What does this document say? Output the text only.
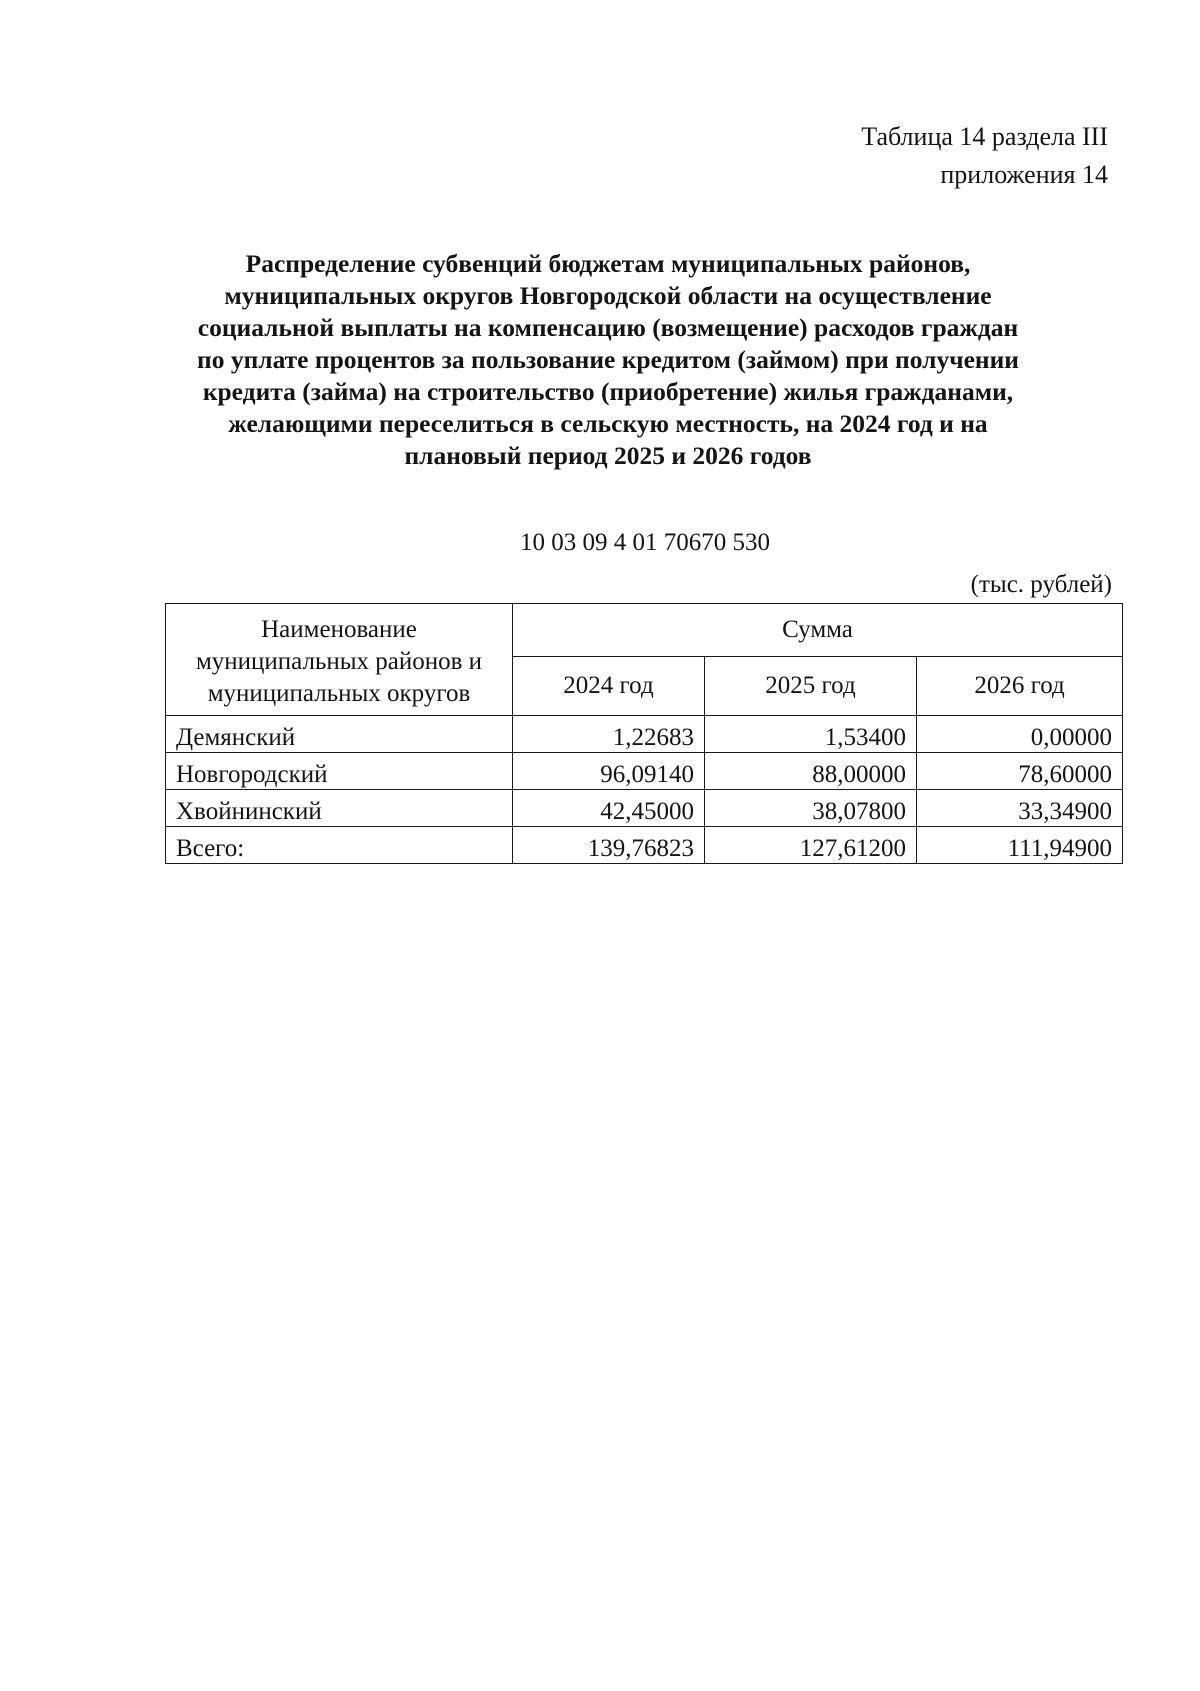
Таблица 14 раздела III
приложения 14
Распределение субвенций бюджетам муниципальных районов,
муниципальных округов Новгородской области на осуществление
социальной выплаты на компенсацию (возмещение) расходов граждан
по уплате процентов за пользование кредитом (займом) при получении
кредита (займа) на строительство (приобретение) жилья гражданами,
желающими переселиться в сельскую местность, на 2024 год и на
плановый период 2025 и 2026 годов
10 03 09 4 01 70670 530
(тыс. рублей)
Наименование
муниципальных районов и
муниципальных округов	Сумма		
	2024 год	2025 год	2026 год
Демянский	1,22683	1,53400	0,00000
Новгородский	96,09140	88,00000	78,60000
Хвойнинский	42,45000	38,07800	33,34900
Всего:	139,76823	127,61200	111,94900
